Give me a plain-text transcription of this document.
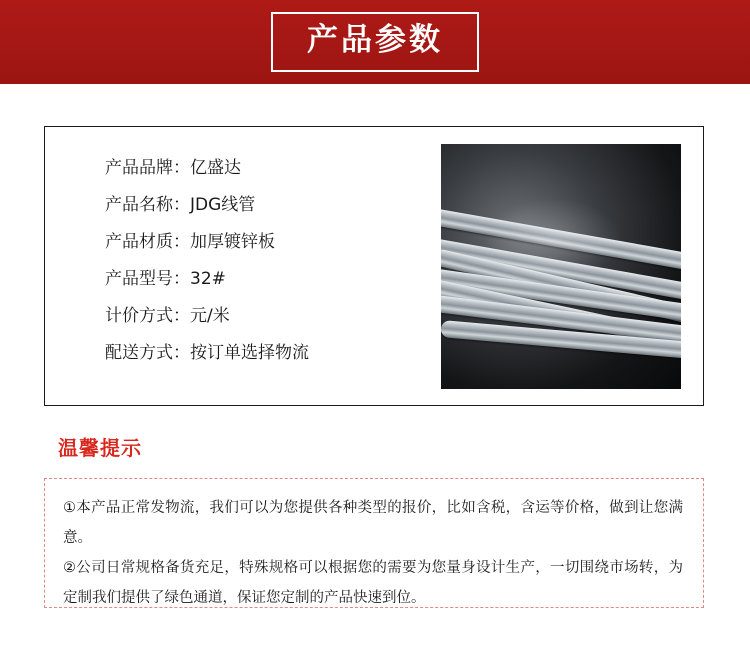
产品参数
产品品牌 ： 亿盛达
产品名称 ： JDG线管
产品材质 ： 加厚镀锌板
产品型号 ： 32#
计价方式 ： 元/米
配送方式 ： 按订单选择物流
温馨提示
①本产品正常发物流，我们可以为您提供各种类型的报价，比如含税，含运等价格，做到让您满意。
②公司日常规格备货充足，特殊规格可以根据您的需要为您量身设计生产，一切围绕市场转，为定制我们提供了绿色通道，保证您定制的产品快速到位。
